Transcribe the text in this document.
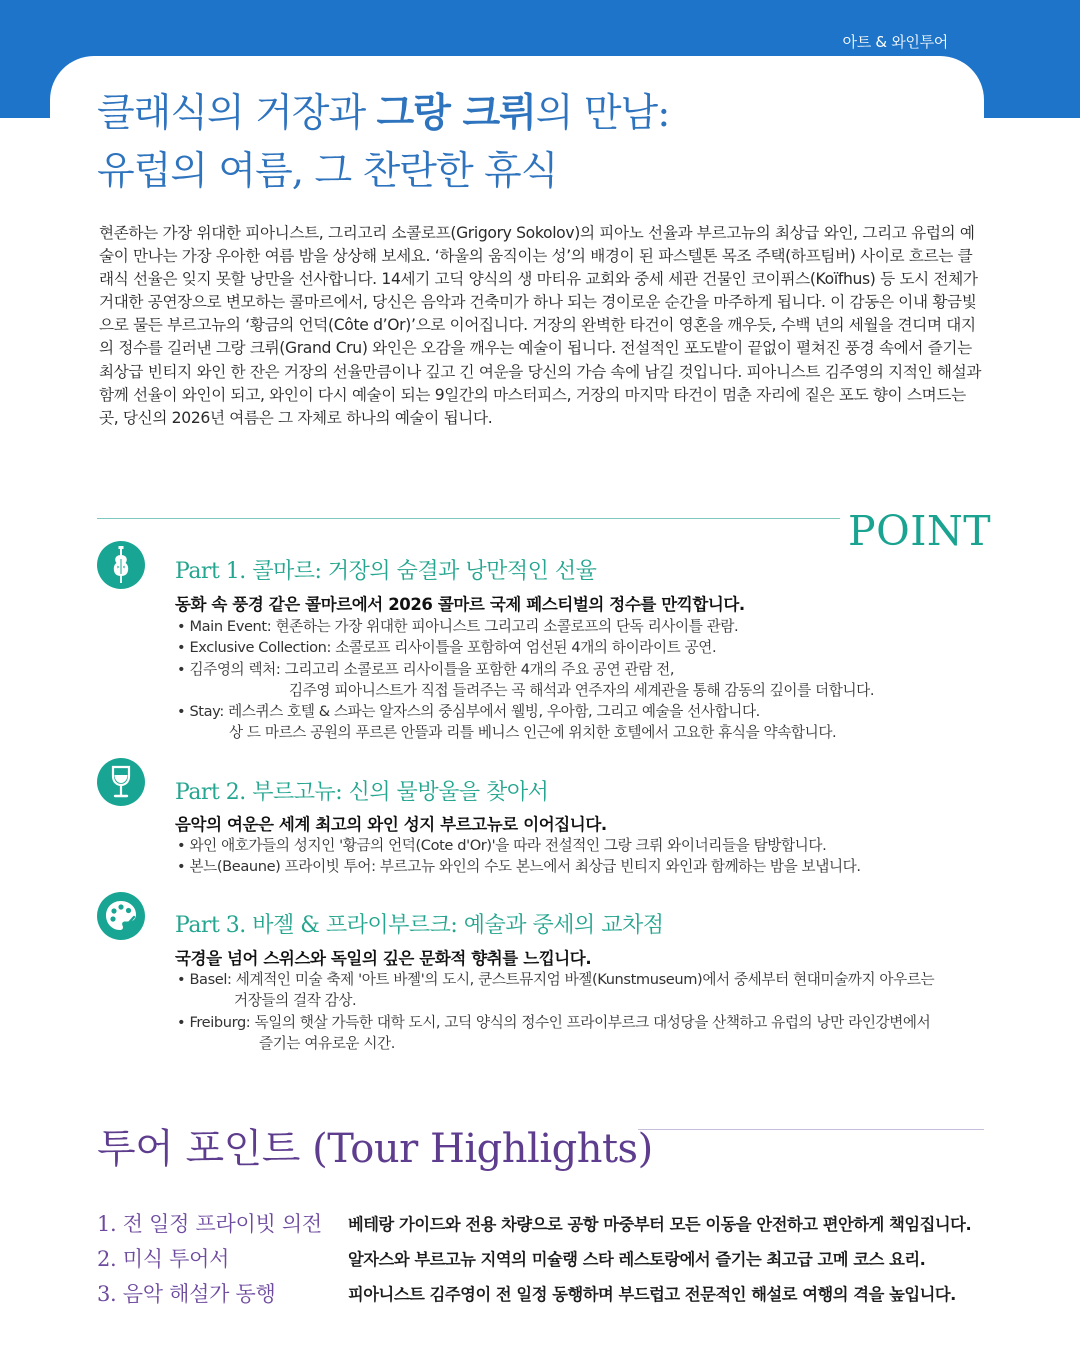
아트 & 와인투어
클래식의 거장과 그랑 크뤼의 만남:
유럽의 여름, 그 찬란한 휴식

현존하는 가장 위대한 피아니스트, 그리고리 소콜로프(Grigory Sokolov)의 피아노 선율과 부르고뉴의 최상급 와인, 그리고 유럽의 예술이 만나는 가장 우아한 여름 밤을 상상해 보세요. ‘하울의 움직이는 성’의 배경이 된 파스텔톤 목조 주택(하프팀버) 사이로 흐르는 클래식 선율은 잊지 못할 낭만을 선사합니다. 14세기 고딕 양식의 생 마티유 교회와 중세 세관 건물인 코이퓌스(Koïfhus) 등 도시 전체가 거대한 공연장으로 변모하는 콜마르에서, 당신은 음악과 건축미가 하나 되는 경이로운 순간을 마주하게 됩니다. 이 감동은 이내 황금빛으로 물든 부르고뉴의 ‘황금의 언덕(Côte d’Or)’으로 이어집니다. 거장의 완벽한 타건이 영혼을 깨우듯, 수백 년의 세월을 견디며 대지의 정수를 길러낸 그랑 크뤼(Grand Cru) 와인은 오감을 깨우는 예술이 됩니다. 전설적인 포도밭이 끝없이 펼쳐진 풍경 속에서 즐기는 최상급 빈티지 와인 한 잔은 거장의 선율만큼이나 깊고 긴 여운을 당신의 가슴 속에 남길 것입니다. 피아니스트 김주영의 지적인 해설과 함께 선율이 와인이 되고, 와인이 다시 예술이 되는 9일간의 마스터피스, 거장의 마지막 타건이 멈춘 자리에 짙은 포도 향이 스며드는 곳, 당신의 2026년 여름은 그 자체로 하나의 예술이 됩니다.

POINT
Part 1. 콜마르: 거장의 숨결과 낭만적인 선율
동화 속 풍경 같은 콜마르에서 2026 콜마르 국제 페스티벌의 정수를 만끽합니다.
• Main Event: 현존하는 가장 위대한 피아니스트 그리고리 소콜로프의 단독 리사이틀 관람.
• Exclusive Collection: 소콜로프 리사이틀을 포함하여 엄선된 4개의 하이라이트 공연.
• 김주영의 렉처: 그리고리 소콜로프 리사이틀을 포함한 4개의 주요 공연 관람 전,
김주영 피아니스트가 직접 들려주는 곡 해석과 연주자의 세계관을 통해 감동의 깊이를 더합니다.
• Stay: 레스퀴스 호텔 & 스파는 알자스의 중심부에서 웰빙, 우아함, 그리고 예술을 선사합니다.
상 드 마르스 공원의 푸르른 안뜰과 리틀 베니스 인근에 위치한 호텔에서 고요한 휴식을 약속합니다.
Part 2. 부르고뉴: 신의 물방울을 찾아서
음악의 여운은 세계 최고의 와인 성지 부르고뉴로 이어집니다.
• 와인 애호가들의 성지인 '황금의 언덕(Cote d'Or)'을 따라 전설적인 그랑 크뤼 와이너리들을 탐방합니다.
• 본느(Beaune) 프라이빗 투어: 부르고뉴 와인의 수도 본느에서 최상급 빈티지 와인과 함께하는 밤을 보냅니다.
Part 3. 바젤 & 프라이부르크: 예술과 중세의 교차점
국경을 넘어 스위스와 독일의 깊은 문화적 향취를 느낍니다.
• Basel: 세계적인 미술 축제 '아트 바젤'의 도시, 쿤스트뮤지엄 바젤(Kunstmuseum)에서 중세부터 현대미술까지 아우르는
거장들의 걸작 감상.
• Freiburg: 독일의 햇살 가득한 대학 도시, 고딕 양식의 정수인 프라이부르크 대성당을 산책하고 유럽의 낭만 라인강변에서
즐기는 여유로운 시간.
투어 포인트 (Tour Highlights)
1. 전 일정 프라이빗 의전 베테랑 가이드와 전용 차량으로 공항 마중부터 모든 이동을 안전하고 편안하게 책임집니다.
2. 미식 투어서	알자스와 부르고뉴 지역의 미슐랭 스타 레스토랑에서 즐기는 최고급 고메 코스 요리.
3. 음악 해설가 동행	피아니스트 김주영이 전 일정 동행하며 부드럽고 전문적인 해설로 여행의 격을 높입니다.
